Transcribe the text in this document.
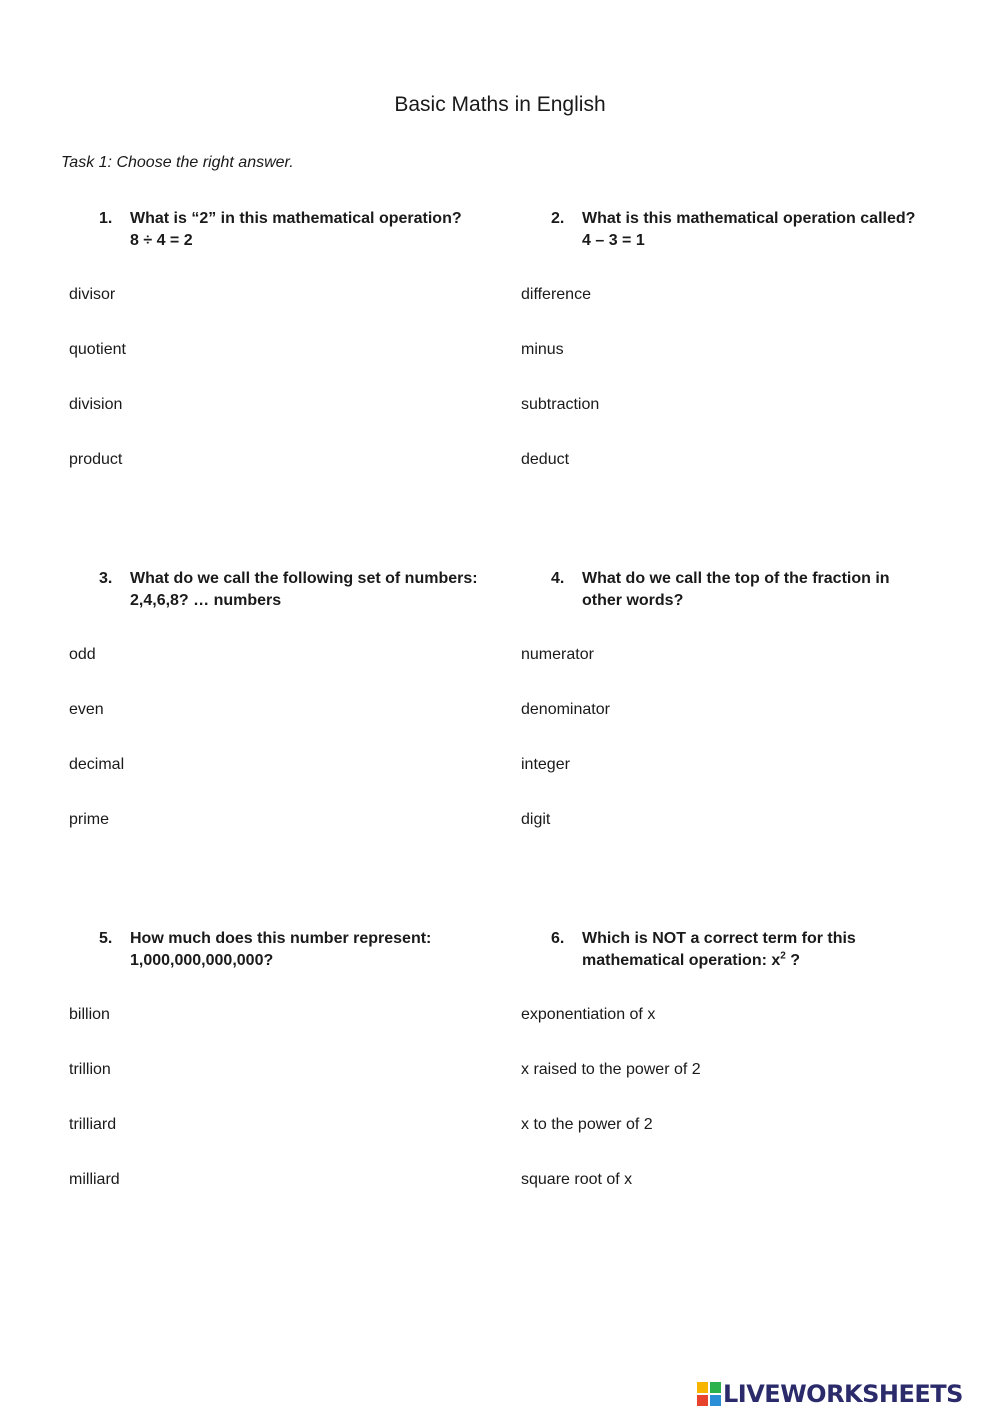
Basic Maths in English
Task 1: Choose the right answer.
1.	What is “2” in this mathematical operation?
8 ÷ 4 = 2
divisor
quotient
division
product
2.	What is this mathematical operation called?
4 – 3 = 1
difference
minus
subtraction
deduct
3.	What do we call the following set of numbers:
2,4,6,8? … numbers
odd
even
decimal
prime
4.	What do we call the top of the fraction in
other words?
numerator
denominator
integer
digit
5.	How much does this number represent:
1,000,000,000,000?
billion
trillion
trilliard
milliard
6.	Which is NOT a correct term for this
mathematical operation: $x^2$ ?
exponentiation of x
x raised to the power of 2
x to the power of 2
square root of x
LIVEWORKSHEETS
